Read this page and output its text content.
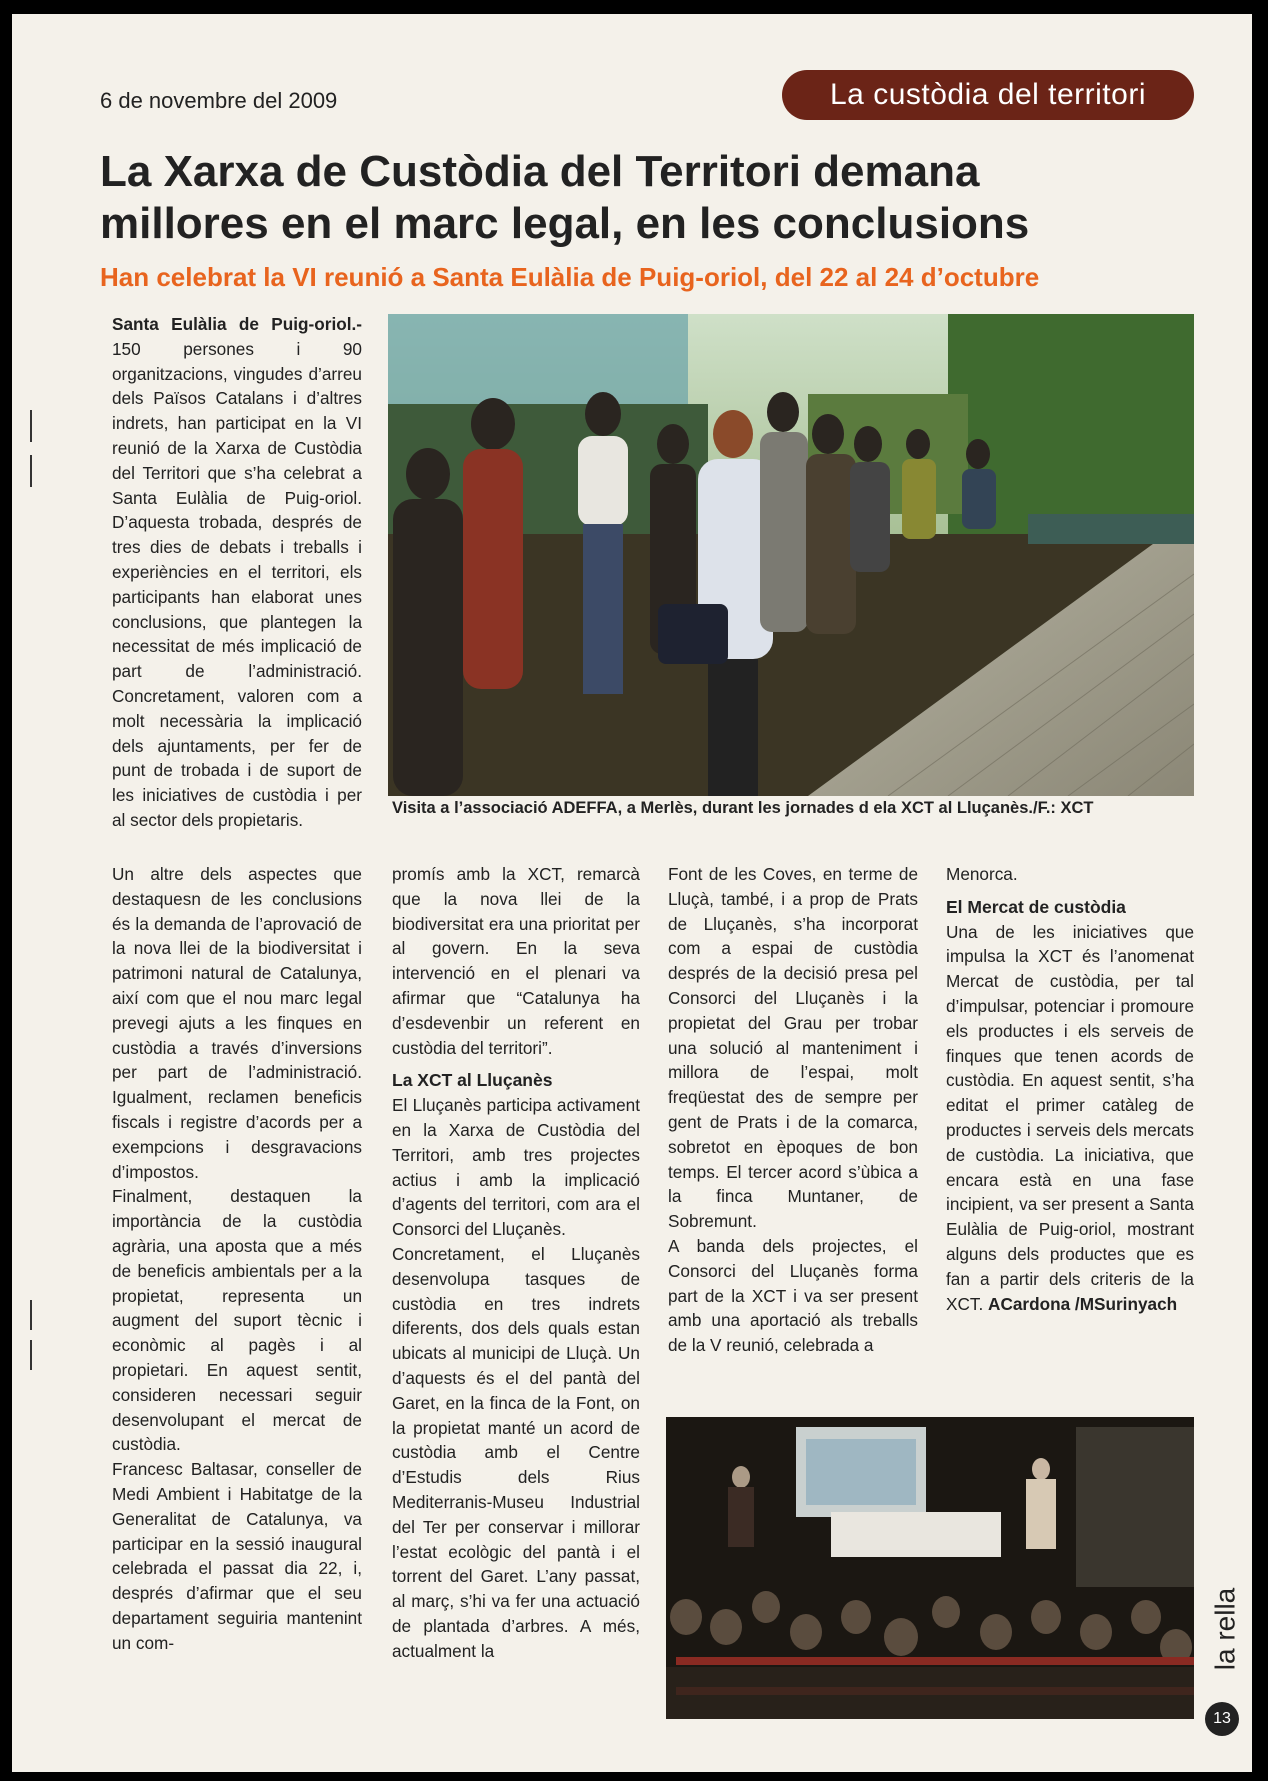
6 de novembre del 2009	La custòdia del territori
La Xarxa de Custòdia del Territori demana
millores en el marc legal, en les conclusions
Han celebrat la VI reunió a Santa Eulàlia de Puig-oriol, del 22 al 24 d’octubre

Santa Eulàlia de Puig-oriol.- 150 persones i 90 organitzacions, vingudes d’arreu dels Països Catalans i d’altres indrets, han participat en la VI reunió de la Xarxa de Custòdia del Territori que s’ha celebrat a Santa Eulàlia de Puig-oriol. D’aquesta trobada, després de tres dies de debats i treballs i experiències en el territori, els participants han elaborat unes conclusions, que plantegen la necessitat de més implicació de part de l’administració. Concretament, valoren com a molt necessària la implicació dels ajuntaments, per fer de punt de trobada i de suport de les iniciatives de custòdia i per al sector dels propietaris.

Visita a l’associació ADEFFA, a Merlès, durant les jornades d ela XCT al Lluçanès./F.: XCT

Un altre dels aspectes que destaquesn de les conclusions és la demanda de l’aprovació de la nova llei de la biodiversitat i patrimoni natural de Catalunya, així com que el nou marc legal prevegi ajuts a les finques en custòdia a través d’inversions per part de l’administració. Igualment, reclamen beneficis fiscals i registre d’acords per a exempcions i desgravacions d’impostos.

Finalment, destaquen la importància de la custòdia agrària, una aposta que a més de beneficis ambientals per a la propietat, representa un augment del suport tècnic i econòmic al pagès i al propietari. En aquest sentit, consideren necessari seguir desenvolupant el mercat de custòdia.

Francesc Baltasar, conseller de Medi Ambient i Habitatge de la Generalitat de Catalunya, va participar en la sessió inaugural celebrada el passat dia 22, i, després d’afirmar que el seu departament seguiria mantenint un com-

promís amb la XCT, remarcà que la nova llei de la biodiversitat era una prioritat per al govern. En la seva intervenció en el plenari va afirmar que “Catalunya ha d’esdevenbir un referent en custòdia del territori”.

La XCT al Lluçanès

El Lluçanès participa activament en la Xarxa de Custòdia del Territori, amb tres projectes actius i amb la implicació d’agents del territori, com ara el Consorci del Lluçanès.

Concretament, el Lluçanès desenvolupa tasques de custòdia en tres indrets diferents, dos dels quals estan ubicats al municipi de Lluçà. Un d’aquests és el del pantà del Garet, en la finca de la Font, on la propietat manté un acord de custòdia amb el Centre d’Estudis dels Rius Mediterranis-Museu Industrial del Ter per conservar i millorar l’estat ecològic del pantà i el torrent del Garet. L’any passat, al març, s’hi va fer una actuació de plantada d’arbres. A més, actualment la

Font de les Coves, en terme de Lluçà, també, i a prop de Prats de Lluçanès, s’ha incorporat com a espai de custòdia després de la decisió presa pel Consorci del Lluçanès i la propietat del Grau per trobar una solució al manteniment i millora de l’espai, molt freqüestat des de sempre per gent de Prats i de la comarca, sobretot en èpoques de bon temps. El tercer acord s’ùbica a la finca Muntaner, de Sobremunt.

A banda dels projectes, el Consorci del Lluçanès forma part de la XCT i va ser present amb una aportació als treballs de la V reunió, celebrada a

Menorca.

El Mercat de custòdia

Una de les iniciatives que impulsa la XCT és l’anomenat Mercat de custòdia, per tal d’impulsar, potenciar i promoure els productes i els serveis de finques que tenen acords de custòdia. En aquest sentit, s’ha editat el primer catàleg de productes i serveis dels mercats de custòdia. La iniciativa, que encara està en una fase incipient, va ser present a Santa Eulàlia de Puig-oriol, mostrant alguns dels productes que es fan a partir dels criteris de la XCT. ACardona /MSurinyach

la rella
13
